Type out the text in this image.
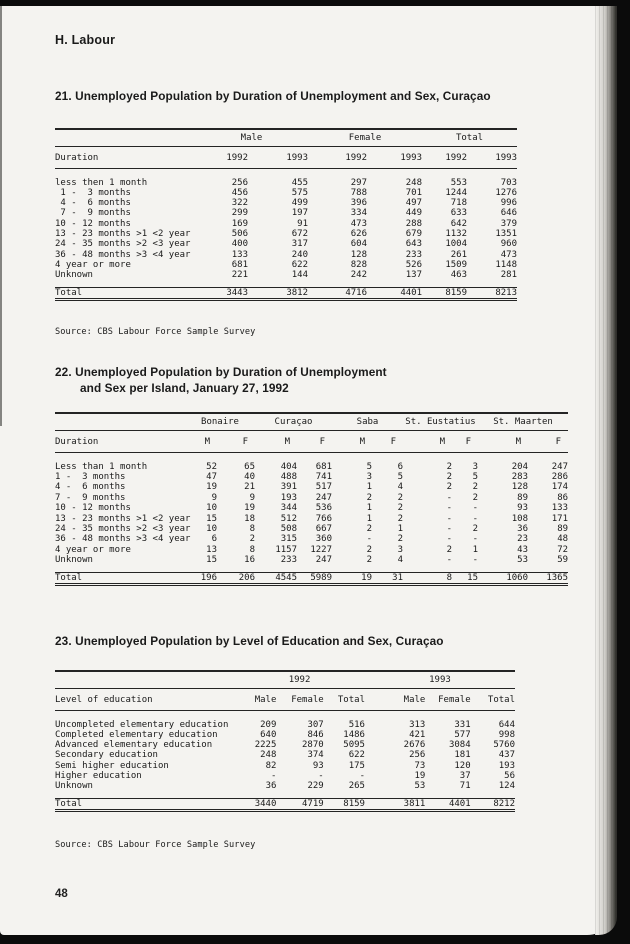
H. Labour
21. Unemployed Population by Duration of Unemployment and Sex, Curaçao
	Male		Female		Total	
Duration	1992	1993	1992	1993	1992	1993
less then 1 month	256	455	297	248	553	703
1 -  3 months	456	575	788	701	1244	1276
4 -  6 months	322	499	396	497	718	996
7 -  9 months	299	197	334	449	633	646
10 - 12 months	169	91	473	288	642	379
13 - 23 months >1 <2 year	506	672	626	679	1132	1351
24 - 35 months >2 <3 year	400	317	604	643	1004	960
36 - 48 months >3 <4 year	133	240	128	233	261	473
4 year or more	681	622	828	526	1509	1148
Unknown	221	144	242	137	463	281
Total	3443	3812	4716	4401	8159	8213
Source: CBS Labour Force Sample Survey
22. Unemployed Population by Duration of Unemployment
and Sex per Island, January 27, 1992
	Bonaire		Curaçao		Saba		St. Eustatius		St. Maarten	
Duration	M	F	M	F	M	F	M	F	M	F
Less than 1 month	52	65	404	681	5	6	2	3	204	247
1 -  3 months	47	40	488	741	3	5	2	5	283	286
4 -  6 months	19	21	391	517	1	4	2	2	128	174
7 -  9 months	9	9	193	247	2	2	-	2	89	86
10 - 12 months	10	19	344	536	1	2	-	-	93	133
13 - 23 months >1 <2 year	15	18	512	766	1	2	-	-	108	171
24 - 35 months >2 <3 year	10	8	508	667	2	1	-	2	36	89
36 - 48 months >3 <4 year	6	2	315	360	-	2	-	-	23	48
4 year or more	13	8	1157	1227	2	3	2	1	43	72
Unknown	15	16	233	247	2	4	-	-	53	59
Total	196	206	4545	5989	19	31	8	15	1060	1365
23. Unemployed Population by Level of Education and Sex, Curaçao
	1992			1993		
Level of education	Male	Female	Total	Male	Female	Total
Uncompleted elementary education	209	307	516	313	331	644
Completed elementary education	640	846	1486	421	577	998
Advanced elementary education	2225	2870	5095	2676	3084	5760
Secondary education	248	374	622	256	181	437
Semi higher education	82	93	175	73	120	193
Higher education	-	-	-	19	37	56
Unknown	36	229	265	53	71	124
Total	3440	4719	8159	3811	4401	8212
Source: CBS Labour Force Sample Survey
48
